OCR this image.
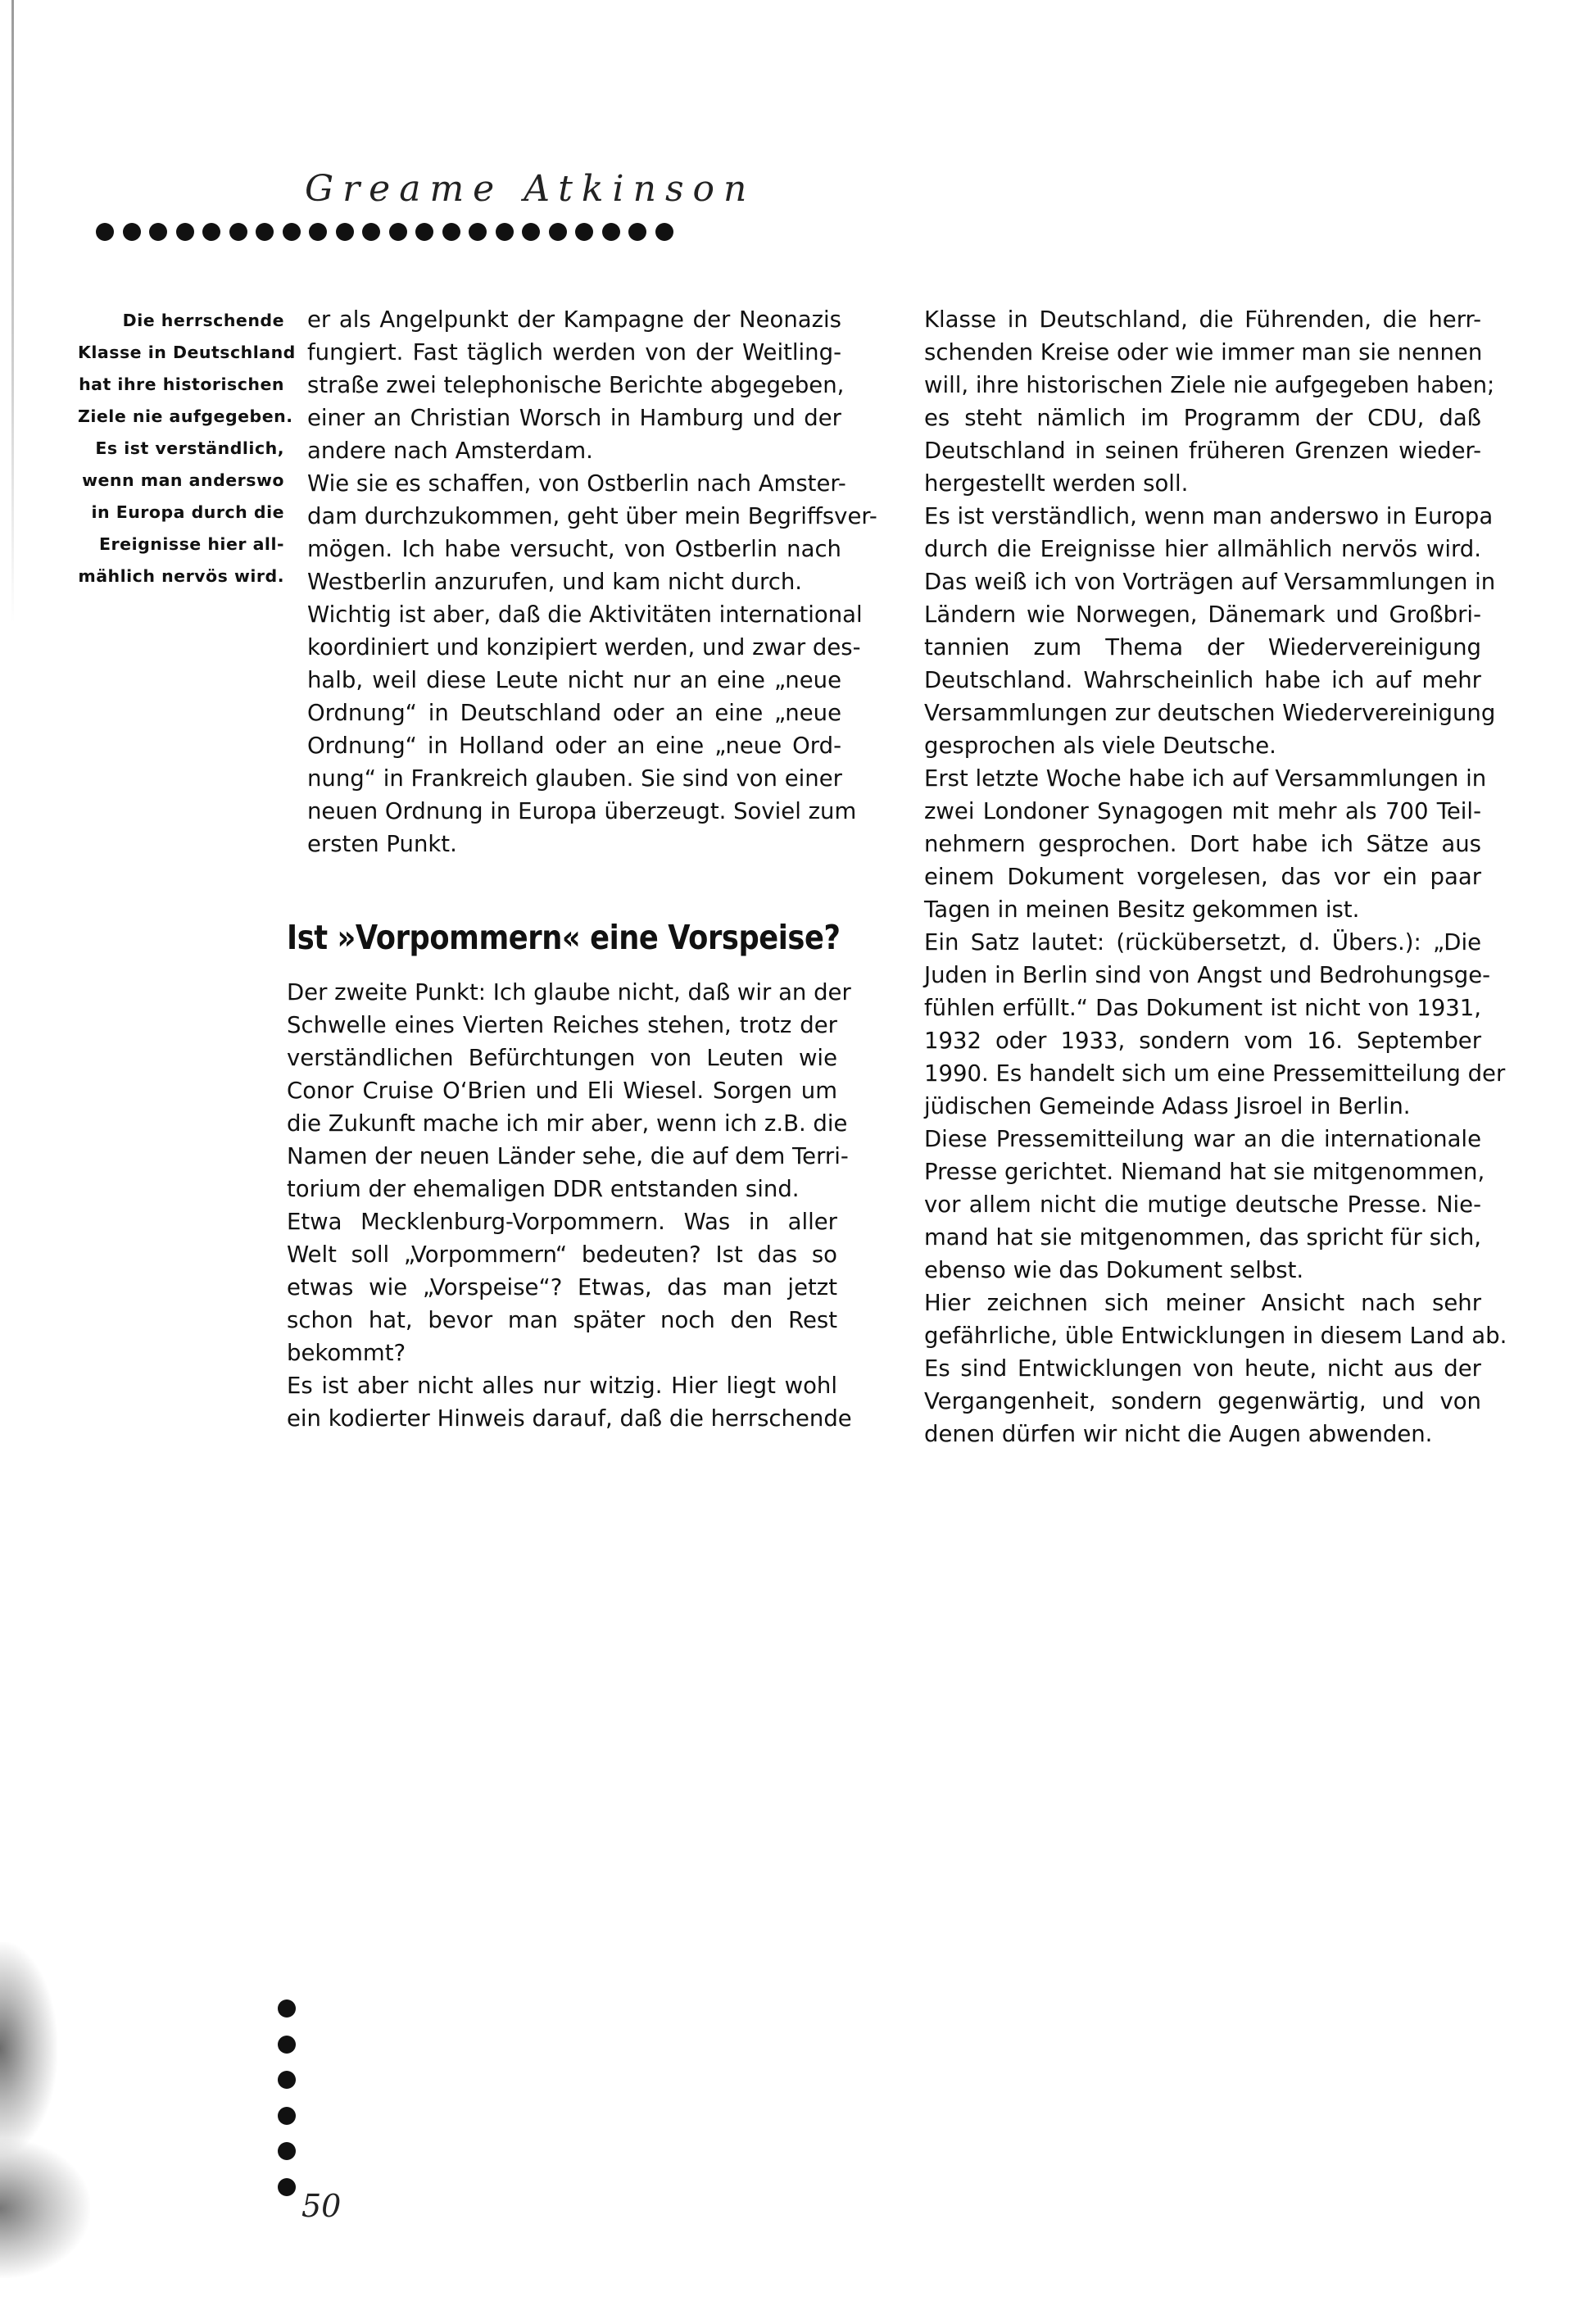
Greame Atkinson
Die herrschende
Klasse in Deutschland
hat ihre historischen
Ziele nie aufgegeben.
Es ist verständlich,
wenn man anderswo
in Europa durch die
Ereignisse hier all-
mählich nervös wird.
er als Angelpunkt der Kampagne der Neonazis
fungiert. Fast täglich werden von der Weitling-
straße zwei telephonische Berichte abgegeben,
einer an Christian Worsch in Hamburg und der
andere nach Amsterdam.
Wie sie es schaffen, von Ostberlin nach Amster-
dam durchzukommen, geht über mein Begriffsver-
mögen. Ich habe versucht, von Ostberlin nach
Westberlin anzurufen, und kam nicht durch.
Wichtig ist aber, daß die Aktivitäten international
koordiniert und konzipiert werden, und zwar des-
halb, weil diese Leute nicht nur an eine „neue
Ordnung“ in Deutschland oder an eine „neue
Ordnung“ in Holland oder an eine „neue Ord-
nung“ in Frankreich glauben. Sie sind von einer
neuen Ordnung in Europa überzeugt. Soviel zum
ersten Punkt.
Ist »Vorpommern« eine Vorspeise?
Der zweite Punkt: Ich glaube nicht, daß wir an der
Schwelle eines Vierten Reiches stehen, trotz der
verständlichen Befürchtungen von Leuten wie
Conor Cruise O‘Brien und Eli Wiesel. Sorgen um
die Zukunft mache ich mir aber, wenn ich z.B. die
Namen der neuen Länder sehe, die auf dem Terri-
torium der ehemaligen DDR entstanden sind.
Etwa Mecklenburg-Vorpommern. Was in aller
Welt soll „Vorpommern“ bedeuten? Ist das so
etwas wie „Vorspeise“? Etwas, das man jetzt
schon hat, bevor man später noch den Rest
bekommt?
Es ist aber nicht alles nur witzig. Hier liegt wohl
ein kodierter Hinweis darauf, daß die herrschende
Klasse in Deutschland, die Führenden, die herr-
schenden Kreise oder wie immer man sie nennen
will, ihre historischen Ziele nie aufgegeben haben;
es steht nämlich im Programm der CDU, daß
Deutschland in seinen früheren Grenzen wieder-
hergestellt werden soll.
Es ist verständlich, wenn man anderswo in Europa
durch die Ereignisse hier allmählich nervös wird.
Das weiß ich von Vorträgen auf Versammlungen in
Ländern wie Norwegen, Dänemark und Großbri-
tannien zum Thema der Wiedervereinigung
Deutschland. Wahrscheinlich habe ich auf mehr
Versammlungen zur deutschen Wiedervereinigung
gesprochen als viele Deutsche.
Erst letzte Woche habe ich auf Versammlungen in
zwei Londoner Synagogen mit mehr als 700 Teil-
nehmern gesprochen. Dort habe ich Sätze aus
einem Dokument vorgelesen, das vor ein paar
Tagen in meinen Besitz gekommen ist.
Ein Satz lautet: (rückübersetzt, d. Übers.): „Die
Juden in Berlin sind von Angst und Bedrohungsge-
fühlen erfüllt.“ Das Dokument ist nicht von 1931,
1932 oder 1933, sondern vom 16. September
1990. Es handelt sich um eine Pressemitteilung der
jüdischen Gemeinde Adass Jisroel in Berlin.
Diese Pressemitteilung war an die internationale
Presse gerichtet. Niemand hat sie mitgenommen,
vor allem nicht die mutige deutsche Presse. Nie-
mand hat sie mitgenommen, das spricht für sich,
ebenso wie das Dokument selbst.
Hier zeichnen sich meiner Ansicht nach sehr
gefährliche, üble Entwicklungen in diesem Land ab.
Es sind Entwicklungen von heute, nicht aus der
Vergangenheit, sondern gegenwärtig, und von
denen dürfen wir nicht die Augen abwenden.
50
